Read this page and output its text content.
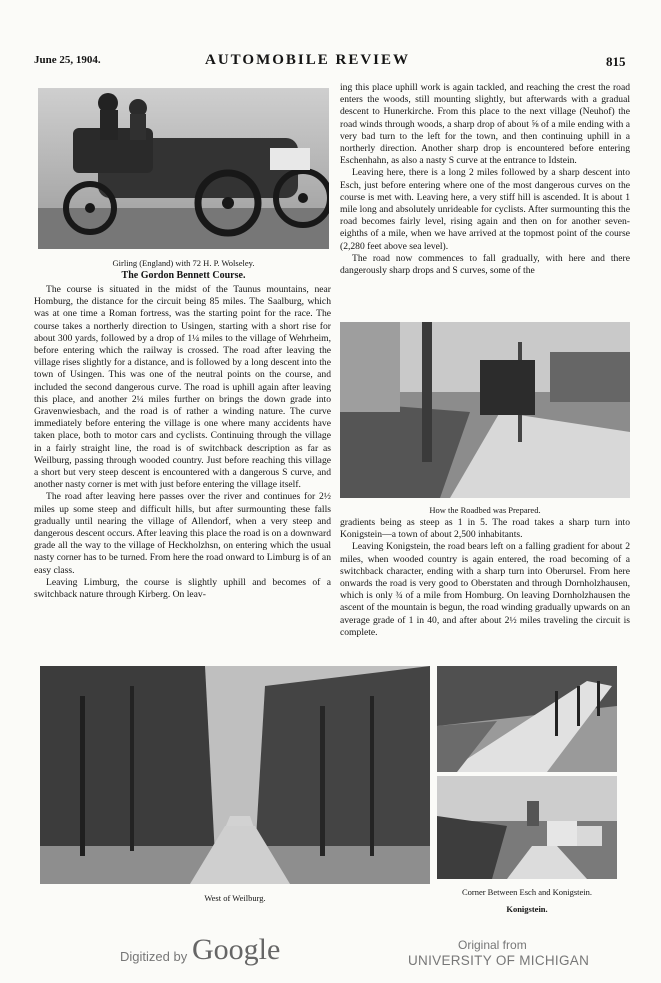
June 25, 1904.	AUTOMOBILE REVIEW	815
Girling (England) with 72 H. P. Wolseley.
The Gordon Bennett Course.

The course is situated in the midst of the Taunus mountains, near Homburg, the distance for the circuit being 85 miles. The Saalburg, which was at one time a Roman fortress, was the starting point for the race. The course takes a northerly direction to Usingen, starting with a short rise for about 300 yards, followed by a drop of 1¼ miles to the village of Wehrheim, before entering which the railway is crossed. The road after leaving the village rises slightly for a distance, and is followed by a long descent into the town of Usingen. This was one of the neutral points on the course, and included the second dangerous curve. The road is uphill again after leaving this place, and another 2¼ miles further on brings the down grade into Gravenwiesbach, and the road is of rather a winding nature. The curve immediately before entering the village is one where many accidents have taken place, both to motor cars and cyclists. Continuing through the village in a fairly straight line, the road is of switchback description as far as Weilburg, passing through wooded country. Just before reaching this village a short but very steep descent is encountered with a dangerous S curve, and another nasty corner is met with just before entering the village itself.

The road after leaving here passes over the river and continues for 2½ miles up some steep and difficult hills, but after surmounting these falls gradually until nearing the village of Allendorf, when a very steep and dangerous descent occurs. After leaving this place the road is on a downward grade all the way to the village of Heckholzhsn, on entering which the usual nasty corner has to be turned. From here the road onward to Limburg is of an easy class.

Leaving Limburg, the course is slightly uphill and becomes of a switchback nature through Kirberg. On leav-

ing this place uphill work is again tackled, and reaching the crest the road enters the woods, still mounting slightly, but afterwards with a gradual descent to Hunerkirche. From this place to the next village (Neuhof) the road winds through woods, a sharp drop of about ⅝ of a mile ending with a very bad turn to the left for the town, and then continuing uphill in a northerly direction. Another sharp drop is encountered before entering Eschenhahn, as also a nasty S curve at the entrance to Idstein.

Leaving here, there is a long 2 miles followed by a sharp descent into Esch, just before entering where one of the most dangerous curves on the course is met with. Leaving here, a very stiff hill is ascended. It is about 1 mile long and absolutely unrideable for cyclists. After surmounting this the road becomes fairly level, rising again and then on for another seven-eighths of a mile, when we have arrived at the topmost point of the course (2,280 feet above sea level).

The road now commences to fall gradually, with here and there dangerously sharp drops and S curves, some of the

How the Roadbed was Prepared.

gradients being as steep as 1 in 5. The road takes a sharp turn into Konigstein—a town of about 2,500 inhabitants.

Leaving Konigstein, the road bears left on a falling gradient for about 2 miles, when wooded country is again entered, the road becoming of a switchback character, ending with a sharp turn into Oberursel. From here onwards the road is very good to Oberstaten and through Dornholzhausen, which is only ¾ of a mile from Homburg. On leaving Dornholzhausen the ascent of the mountain is begun, the road winding gradually upwards on an average grade of 1 in 40, and after about 2½ miles traveling the circuit is complete.

West of Weilburg.
Corner Between Esch and Konigstein.
Konigstein.
Digitized by Google	Original from
UNIVERSITY OF MICHIGAN
